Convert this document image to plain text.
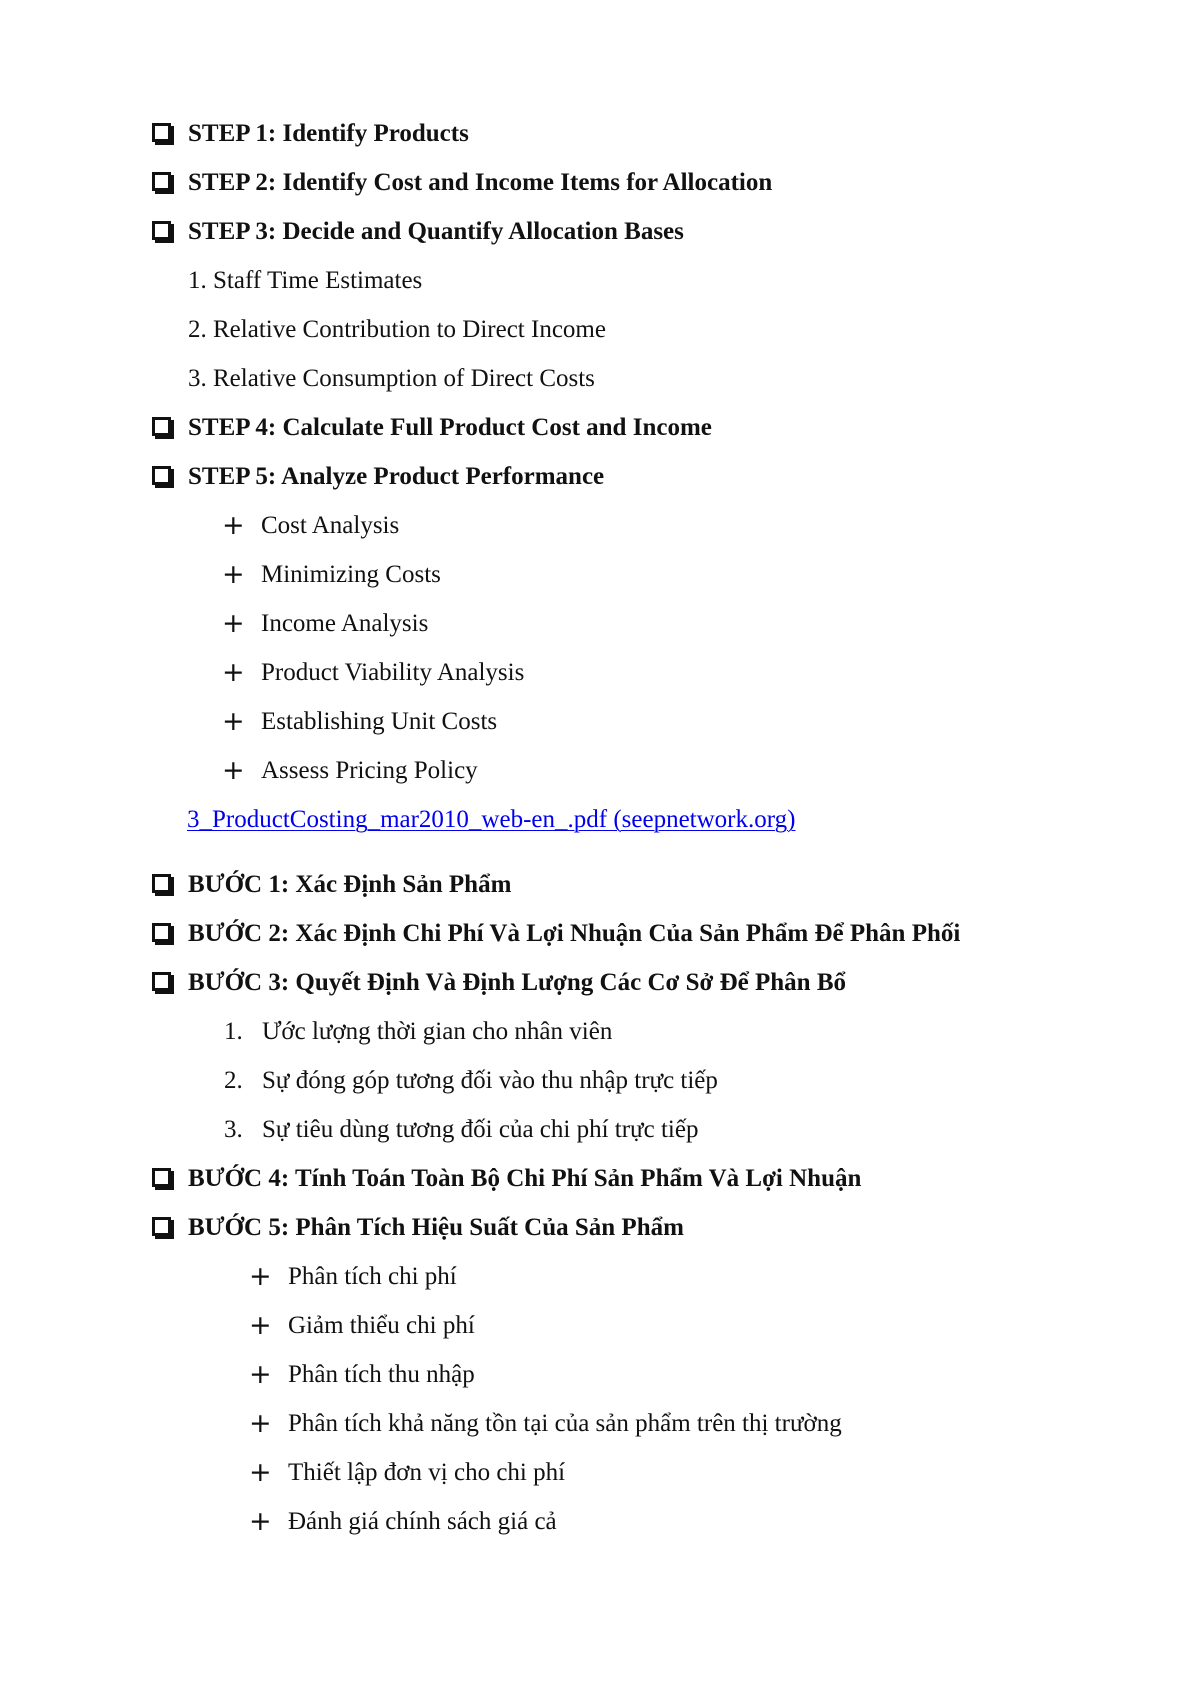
STEP 1: Identify Products
STEP 2: Identify Cost and Income Items for Allocation
STEP 3: Decide and Quantify Allocation Bases
1. Staff Time Estimates
2. Relative Contribution to Direct Income
3. Relative Consumption of Direct Costs
STEP 4: Calculate Full Product Cost and Income
STEP 5: Analyze Product Performance
+ Cost Analysis
+ Minimizing Costs
+ Income Analysis
+ Product Viability Analysis
+ Establishing Unit Costs
+ Assess Pricing Policy
3_ProductCosting_mar2010_web-en_.pdf (seepnetwork.org)
BƯỚC 1: Xác Định Sản Phẩm
BƯỚC 2: Xác Định Chi Phí Và Lợi Nhuận Của Sản Phẩm Để Phân Phối
BƯỚC 3: Quyết Định Và Định Lượng Các Cơ Sở Để Phân Bổ
1. Ước lượng thời gian cho nhân viên
2. Sự đóng góp tương đối vào thu nhập trực tiếp
3. Sự tiêu dùng tương đối của chi phí trực tiếp
BƯỚC 4: Tính Toán Toàn Bộ Chi Phí Sản Phẩm Và Lợi Nhuận
BƯỚC 5: Phân Tích Hiệu Suất Của Sản Phẩm
+ Phân tích chi phí
+ Giảm thiểu chi phí
+ Phân tích thu nhập
+ Phân tích khả năng tồn tại của sản phẩm trên thị trường
+ Thiết lập đơn vị cho chi phí
+ Đánh giá chính sách giá cả
